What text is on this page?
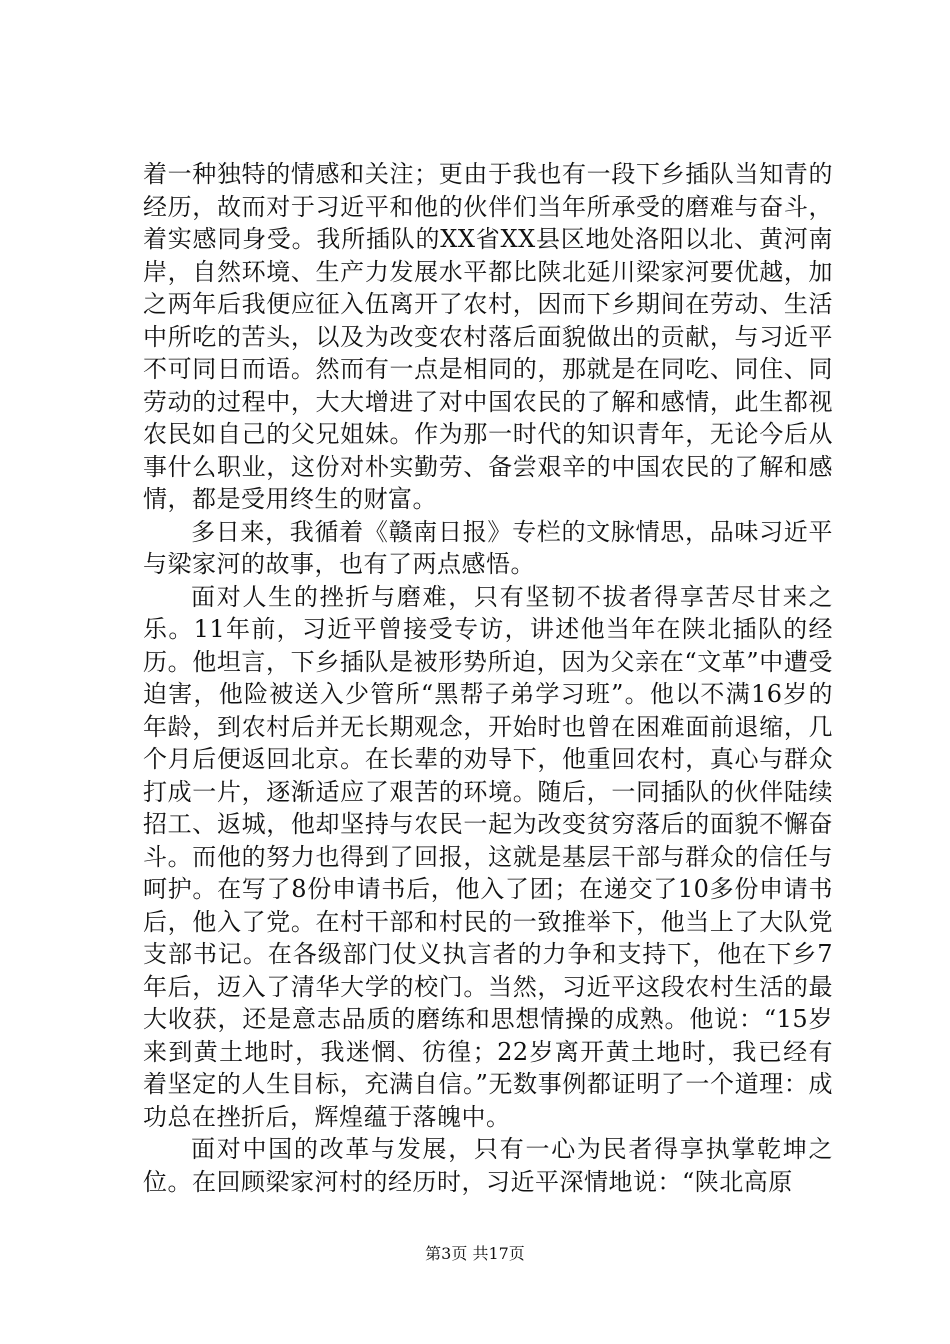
着一种独特的情感和关注；更由于我也有一段下乡插队当知青的经历，故而对于习近平和他的伙伴们当年所承受的磨难与奋斗，着实感同身受。我所插队的XX省XX县区地处洛阳以北、黄河南岸，自然环境、生产力发展水平都比陕北延川梁家河要优越，加之两年后我便应征入伍离开了农村，因而下乡期间在劳动、生活中所吃的苦头，以及为改变农村落后面貌做出的贡献，与习近平不可同日而语。然而有一点是相同的，那就是在同吃、同住、同劳动的过程中，大大增进了对中国农民的了解和感情，此生都视农民如自己的父兄姐妹。作为那一时代的知识青年，无论今后从事什么职业，这份对朴实勤劳、备尝艰辛的中国农民的了解和感情，都是受用终生的财富。

多日来，我循着《赣南日报》专栏的文脉情思，品味习近平与梁家河的故事，也有了两点感悟。

面对人生的挫折与磨难，只有坚韧不拔者得享苦尽甘来之乐。11年前，习近平曾接受专访，讲述他当年在陕北插队的经历。他坦言，下乡插队是被形势所迫，因为父亲在“文革”中遭受迫害，他险被送入少管所“黑帮子弟学习班”。他以不满16岁的年龄，到农村后并无长期观念，开始时也曾在困难面前退缩，几个月后便返回北京。在长辈的劝导下，他重回农村，真心与群众打成一片，逐渐适应了艰苦的环境。随后，一同插队的伙伴陆续招工、返城，他却坚持与农民一起为改变贫穷落后的面貌不懈奋斗。而他的努力也得到了回报，这就是基层干部与群众的信任与呵护。在写了8份申请书后，他入了团；在递交了10多份申请书后，他入了党。在村干部和村民的一致推举下，他当上了大队党支部书记。在各级部门仗义执言者的力争和支持下，他在下乡7年后，迈入了清华大学的校门。当然，习近平这段农村生活的最大收获，还是意志品质的磨练和思想情操的成熟。他说：“15岁来到黄土地时，我迷惘、彷徨；22岁离开黄土地时，我已经有着坚定的人生目标，充满自信。”无数事例都证明了一个道理：成功总在挫折后，辉煌蕴于落魄中。

面对中国的改革与发展，只有一心为民者得享执掌乾坤之位。在回顾梁家河村的经历时，习近平深情地说：“陕北高原

第3页 共17页
